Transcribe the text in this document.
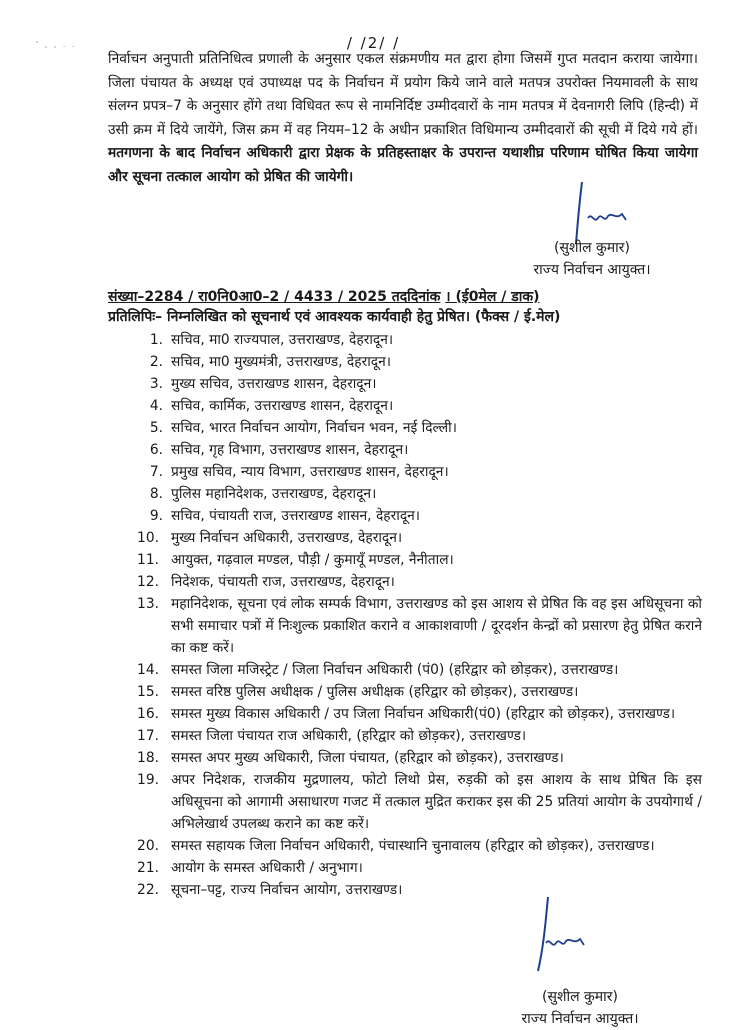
/ /2/ /
' , , . .
निर्वाचन अनुपाती प्रतिनिधित्व प्रणाली के अनुसार एकल संक्रमणीय मत द्वारा होगा जिसमें गुप्त मतदान कराया जायेगा। जिला पंचायत के अध्यक्ष एवं उपाध्यक्ष पद के निर्वाचन में प्रयोग किये जाने वाले मतपत्र उपरोक्त नियमावली के साथ संलग्न प्रपत्र–7 के अनुसार होंगे तथा विधिवत रूप से नामनिर्दिष्ट उम्मीदवारों के नाम मतपत्र में देवनागरी लिपि (हिन्दी) में उसी क्रम में दिये जायेंगे, जिस क्रम में वह नियम–12 के अधीन प्रकाशित विधिमान्य उम्मीदवारों की सूची में दिये गये हों। मतगणना के बाद निर्वाचन अधिकारी द्वारा प्रेक्षक के प्रतिहस्ताक्षर के उपरान्त यथाशीघ्र परिणाम घोषित किया जायेगा और सूचना तत्काल आयोग को प्रेषित की जायेगी।
(सुशील कुमार)
राज्य निर्वाचन आयुक्त।
संख्या–2284 / रा0नि0आ0–2 / 4433 / 2025 तददिनांक । (ई0मेल / डाक)
प्रतिलिपिः– निम्नलिखित को सूचनार्थ एवं आवश्यक कार्यवाही हेतु प्रेषित। (फैक्स / ई.मेल)
1. सचिव, मा0 राज्यपाल, उत्तराखण्ड, देहरादून।
2. सचिव, मा0 मुख्यमंत्री, उत्तराखण्ड, देहरादून।
3. मुख्य सचिव, उत्तराखण्ड शासन, देहरादून।
4. सचिव, कार्मिक, उत्तराखण्ड शासन, देहरादून।
5. सचिव, भारत निर्वाचन आयोग, निर्वाचन भवन, नई दिल्ली।
6. सचिव, गृह विभाग, उत्तराखण्ड शासन, देहरादून।
7. प्रमुख सचिव, न्याय विभाग, उत्तराखण्ड शासन, देहरादून।
8. पुलिस महानिदेशक, उत्तराखण्ड, देहरादून।
9. सचिव, पंचायती राज, उत्तराखण्ड शासन, देहरादून।
10. मुख्य निर्वाचन अधिकारी, उत्तराखण्ड, देहरादून।
11. आयुक्त, गढ़वाल मण्डल, पौड़ी / कुमायूँ मण्डल, नैनीताल।
12. निदेशक, पंचायती राज, उत्तराखण्ड, देहरादून।
13. महानिदेशक, सूचना एवं लोक सम्पर्क विभाग, उत्तराखण्ड को इस आशय से प्रेषित कि वह इस अधिसूचना को सभी समाचार पत्रों में निःशुल्क प्रकाशित कराने व आकाशवाणी / दूरदर्शन केन्द्रों को प्रसारण हेतु प्रेषित कराने का कष्ट करें।
14. समस्त जिला मजिस्ट्रेट / जिला निर्वाचन अधिकारी (पं0) (हरिद्वार को छोड़कर), उत्तराखण्ड।
15. समस्त वरिष्ठ पुलिस अधीक्षक / पुलिस अधीक्षक (हरिद्वार को छोड़कर), उत्तराखण्ड।
16. समस्त मुख्य विकास अधिकारी / उप जिला निर्वाचन अधिकारी(पं0) (हरिद्वार को छोड़कर), उत्तराखण्ड।
17. समस्त जिला पंचायत राज अधिकारी, (हरिद्वार को छोड़कर), उत्तराखण्ड।
18. समस्त अपर मुख्य अधिकारी, जिला पंचायत, (हरिद्वार को छोड़कर), उत्तराखण्ड।
19. अपर निदेशक, राजकीय मुद्रणालय, फोटो लिथो प्रेस, रुड़की को इस आशय के साथ प्रेषित कि इस अधिसूचना को आगामी असाधारण गजट में तत्काल मुद्रित कराकर इस की 25 प्रतियां आयोग के उपयोगार्थ / अभिलेखार्थ उपलब्ध कराने का कष्ट करें।
20. समस्त सहायक जिला निर्वाचन अधिकारी, पंचास्थानि चुनावालय (हरिद्वार को छोड़कर), उत्तराखण्ड।
21. आयोग के समस्त अधिकारी / अनुभाग।
22. सूचना–पट्ट, राज्य निर्वाचन आयोग, उत्तराखण्ड।
(सुशील कुमार)
राज्य निर्वाचन आयुक्त।
